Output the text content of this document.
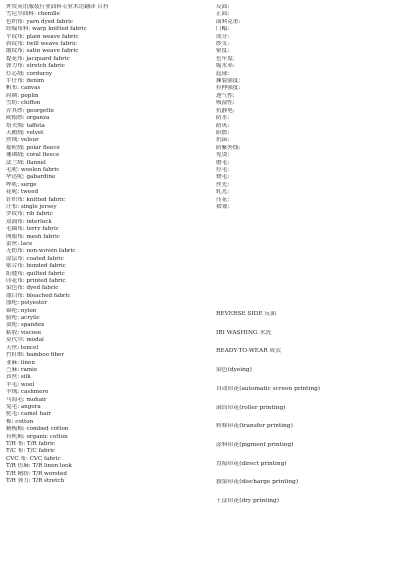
外贸英语服装行业面料专业术语翻译 百科
雪尼尔面料: chenille
色织布: yarn dyed fabric
经编布料: warp knitted fabric
平纹布: plain weave fabric
斜纹布: twill weave fabric
缎纹布: satin weave fabric
提花布: jacquard fabric
弹力布: stretch fabric
灯芯绒: corduroy
牛仔布: denim
帆布: canvas
府绸: poplin
雪纺: chiffon
乔其纱: georgette
欧根纱: organza
塔夫绸: taffeta
天鹅绒: velvet
丝绒: velour
摇粒绒: polar fleece
珊瑚绒: coral fleece
法兰绒: flannel
毛呢: woolen fabric
华达呢: gabardine
哔叽: serge
花呢: tweed
针织布: knitted fabric
汗布: single jersey
罗纹布: rib fabric
双面布: interlock
毛圈布: terry fabric
网眼布: mesh fabric
蕾丝: lace
无纺布: non-woven fabric
涂层布: coated fabric
贴合布: bonded fabric
绗缝布: quilted fabric
印花布: printed fabric
染色布: dyed fabric
漂白布: bleached fabric
涤纶: polyester
锦纶: nylon
腈纶: acrylic
氨纶: spandex
粘胶: viscose
莫代尔: modal
天丝: tencel
竹纤维: bamboo fiber
亚麻: linen
苎麻: ramie
真丝: silk
羊毛: wool
羊绒: cashmere
马海毛: mohair
兔毛: angora
驼毛: camel hair
棉: cotton
精梳棉: combed cotton
有机棉: organic cotton
T/R 布: T/R fabric
T/C 布: T/C fabric
CVC 布: CVC fabric
T/R 仿麻: T/R linen look
T/R 精纺: T/R worsted
T/R 弹力: T/R stretch
反面:
正面:
面料克重:
门幅:
成分:
纱支:
密度:
色牢度:
缩水率:
起球:
撕裂强度:
拉伸强度:
透气性:
吸湿性:
抗静电:
防水:
防风:
阻燃:
抗菌:
防紫外线:
免烫:
磨毛:
拉毛:
烧毛:
丝光:
轧光:
压花:
褶皱:
REVERSE SIDE 反面
IRI WASHING 水洗
READY-TO-WEAR 成衣
染色(dyeing)
自动印花(automatic screen printing)
滚筒印花(roller printing)
转移印花(transfer printing)
涂料印花(pigment printing)
直接印花(direct printing)
拔染印花(discharge printing)
干法印花(dry printing)
